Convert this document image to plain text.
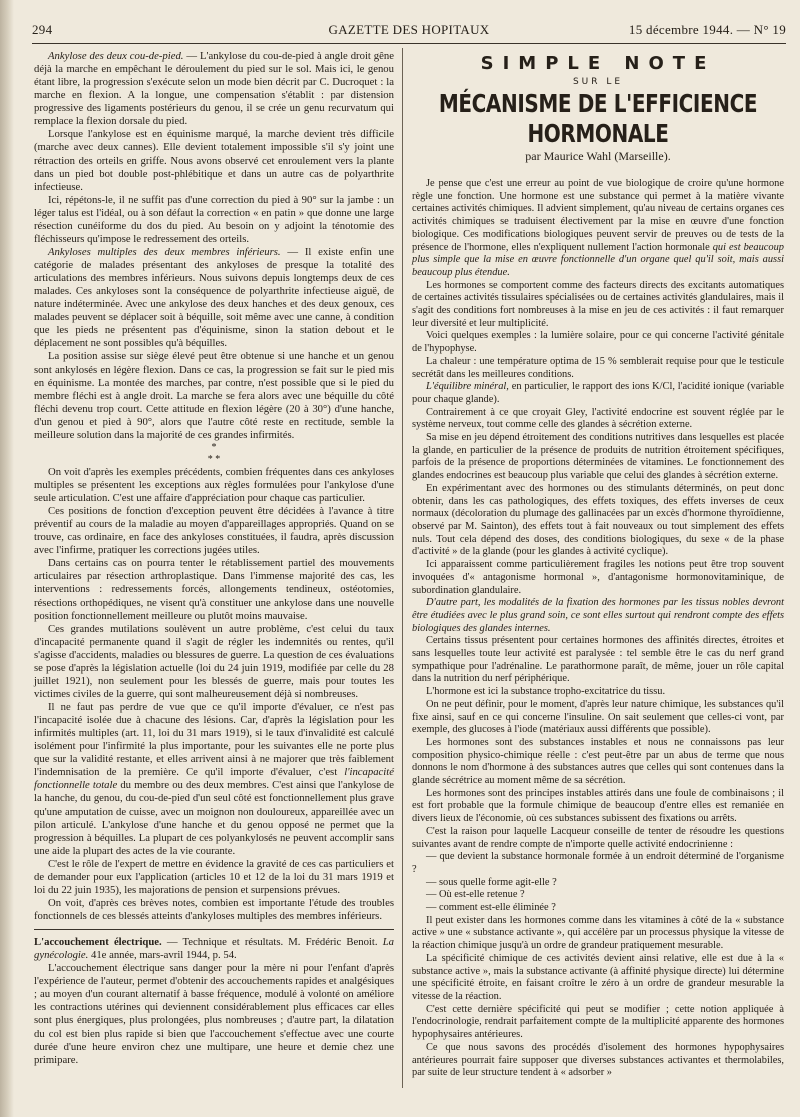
294	GAZETTE DES HOPITAUX	15 décembre 1944. — N° 19

Ankylose des deux cou-de-pied. — L'ankylose du cou-de-pied à angle droit gêne déjà la marche en empêchant le déroulement du pied sur le sol. Mais ici, le genou étant libre, la progression s'exécute selon un mode bien décrit par C. Ducroquet : la marche en flexion. A la longue, une compensation s'établit : par distension progressive des ligaments postérieurs du genou, il se crée un genu recurvatum qui remplace la flexion dorsale du pied.

Lorsque l'ankylose est en équinisme marqué, la marche devient très difficile (marche avec deux cannes). Elle devient totalement impossible s'il s'y joint une rétraction des orteils en griffe. Nous avons observé cet enroulement vers la plante dans un pied bot double post-phlébitique et dans un autre cas de polyarthrite infectieuse.

Ici, répétons-le, il ne suffit pas d'une correction du pied à 90° sur la jambe : un léger talus est l'idéal, ou à son défaut la correction « en patin » que donne une large résection cunéiforme du dos du pied. Au besoin on y adjoint la ténotomie des fléchisseurs qu'impose le redressement des orteils.

Ankyloses multiples des deux membres inférieurs. — Il existe enfin une catégorie de malades présentant des ankyloses de presque la totalité des articulations des membres inférieurs. Nous suivons depuis longtemps deux de ces malades. Ces ankyloses sont la conséquence de polyarthrite infectieuse aiguë, de nature indéterminée. Avec une ankylose des deux hanches et des deux genoux, ces malades peuvent se déplacer soit à béquille, soit même avec une canne, à condition que les pieds ne présentent pas d'équinisme, sinon la station debout et le déplacement ne sont possibles qu'à béquilles.

La position assise sur siège élevé peut être obtenue si une hanche et un genou sont ankylosés en légère flexion. Dans ce cas, la progression se fait sur le pied mis en équinisme. La montée des marches, par contre, n'est possible que si le pied du membre fléchi est à angle droit. La marche se fera alors avec une béquille du côté fléchi devenu trop court. Cette attitude en flexion légère (20 à 30°) d'une hanche, d'un genou et pied à 90°, alors que l'autre côté reste en rectitude, semble la meilleure solution dans la majorité de ces grandes infirmités.

*
* *

On voit d'après les exemples précédents, combien fréquentes dans ces ankyloses multiples se présentent les exceptions aux règles formulées pour l'ankylose d'une seule articulation. C'est une affaire d'appréciation pour chaque cas particulier.

Ces positions de fonction d'exception peuvent être décidées à l'avance à titre préventif au cours de la maladie au moyen d'appareillages appropriés. Quand on se trouve, cas ordinaire, en face des ankyloses constituées, il faudra, après discussion avec l'infirme, pratiquer les corrections jugées utiles.

Dans certains cas on pourra tenter le rétablissement partiel des mouvements articulaires par résection arthroplastique. Dans l'immense majorité des cas, les interventions : redressements forcés, allongements tendineux, ostéotomies, résections orthopédiques, ne visent qu'à constituer une ankylose dans une nouvelle position fonctionnellement meilleure ou plutôt moins mauvaise.

Ces grandes mutilations soulèvent un autre problème, c'est celui du taux d'incapacité permanente quand il s'agit de régler les indemnités ou rentes, qu'il s'agisse d'accidents, maladies ou blessures de guerre. La question de ces évaluations se pose d'après la législation actuelle (loi du 24 juin 1919, modifiée par celle du 28 juillet 1921), non seulement pour les blessés de guerre, mais pour toutes les victimes civiles de la guerre, qui sont malheureusement déjà si nombreuses.

Il ne faut pas perdre de vue que ce qu'il importe d'évaluer, ce n'est pas l'incapacité isolée due à chacune des lésions. Car, d'après la législation pour les infirmités multiples (art. 11, loi du 31 mars 1919), si le taux d'invalidité est calculé isolément pour l'infirmité la plus importante, pour les suivantes elle ne porte plus que sur la validité restante, et elles arrivent ainsi à ne majorer que très faiblement l'indemnisation de la première. Ce qu'il importe d'évaluer, c'est l'incapacité fonctionnelle totale du membre ou des deux membres. C'est ainsi que l'ankylose de la hanche, du genou, du cou-de-pied d'un seul côté est fonctionnellement plus grave qu'une amputation de cuisse, avec un moignon non douloureux, appareillée avec un pilon articulé. L'ankylose d'une hanche et du genou opposé ne permet que la progression à béquilles. La plupart de ces polyankylosés ne peuvent accomplir sans une aide la plupart des actes de la vie courante.

C'est le rôle de l'expert de mettre en évidence la gravité de ces cas particuliers et de demander pour eux l'application (articles 10 et 12 de la loi du 31 mars 1919 et loi du 22 juin 1935), les majorations de pension et surpensions prévues.

On voit, d'après ces brèves notes, combien est importante l'étude des troubles fonctionnels de ces blessés atteints d'ankyloses multiples des membres inférieurs.

L'accouchement électrique. — Technique et résultats. M. Frédéric Benoit. La gynécologie. 41e année, mars-avril 1944, p. 54.

L'accouchement électrique sans danger pour la mère ni pour l'enfant d'après l'expérience de l'auteur, permet d'obtenir des accouchements rapides et analgésiques ; au moyen d'un courant alternatif à basse fréquence, modulé à volonté on améliore les contractions utérines qui deviennent considérablement plus efficaces car elles sont plus énergiques, plus prolongées, plus nombreuses ; d'autre part, la dilatation du col est bien plus rapide si bien que l'accouchement s'effectue avec une courte durée d'une heure environ chez une multipare, une heure et demie chez une primipare.

SIMPLE NOTE
SUR LE
MÉCANISME DE L'EFFICIENCE HORMONALE
par Maurice Wahl (Marseille).

Je pense que c'est une erreur au point de vue biologique de croire qu'une hormone règle une fonction. Une hormone est une substance qui permet à la matière vivante certaines activités chimiques. Il advient simplement, qu'au niveau de certains organes ces activités chimiques se traduisent électivement par la mise en œuvre d'une fonction biologique. Ces modifications biologiques peuvent servir de preuves ou de tests de la présence de l'hormone, elles n'expliquent nullement l'action hormonale qui est beaucoup plus simple que la mise en œuvre fonctionnelle d'un organe quel qu'il soit, mais aussi beaucoup plus étendue.

Les hormones se comportent comme des facteurs directs des excitants automatiques de certaines activités tissulaires spécialisées ou de certaines activités glandulaires, mais il s'agit des conditions fort nombreuses à la mise en jeu de ces activités : il faut remarquer leur diversité et leur multiplicité.

Voici quelques exemples : la lumière solaire, pour ce qui concerne l'activité génitale de l'hypophyse.

La chaleur : une température optima de 15 % semblerait requise pour que le testicule secrétât dans les meilleures conditions.

L'équilibre minéral, en particulier, le rapport des ions K/Cl, l'acidité ionique (variable pour chaque glande).

Contrairement à ce que croyait Gley, l'activité endocrine est souvent réglée par le système nerveux, tout comme celle des glandes à sécrétion externe.

Sa mise en jeu dépend étroitement des conditions nutritives dans lesquelles est placée la glande, en particulier de la présence de produits de nutrition étroitement spécifiques, parfois de la présence de proportions déterminées de vitamines. Le fonctionnement des glandes endocrines est beaucoup plus variable que celui des glandes à sécrétion externe.

En expérimentant avec des hormones ou des stimulants déterminés, on peut donc obtenir, dans les cas pathologiques, des effets toxiques, des effets inverses de ceux normaux (décoloration du plumage des gallinacées par un excès d'hormone thyroïdienne, observé par M. Sainton), des effets tout à fait nouveaux ou tout simplement des effets nuls. Tout cela dépend des doses, des conditions biologiques, du sexe « de la phase d'activité » de la glande (pour les glandes à activité cyclique).

Ici apparaissent comme particulièrement fragiles les notions peut être trop souvent invoquées d'« antagonisme hormonal », d'antagonisme hormonovitaminique, de subordination glandulaire.

D'autre part, les modalités de la fixation des hormones par les tissus nobles devront être étudiées avec le plus grand soin, ce sont elles surtout qui rendront compte des effets biologiques des glandes internes.

Certains tissus présentent pour certaines hormones des affinités directes, étroites et sans lesquelles toute leur activité est paralysée : tel semble être le cas du nerf grand sympathique pour l'adrénaline. Le parathormone paraît, de même, jouer un rôle capital dans la nutrition du nerf périphérique.

L'hormone est ici la substance tropho-excitatrice du tissu.

On ne peut définir, pour le moment, d'après leur nature chimique, les substances qu'il fixe ainsi, sauf en ce qui concerne l'insuline. On sait seulement que celles-ci vont, par exemple, des glucoses à l'iode (matériaux aussi différents que possible).

Les hormones sont des substances instables et nous ne connaissons pas leur composition physico-chimique réelle : c'est peut-être par un abus de terme que nous donnons le nom d'hormone à des substances autres que celles qui sont contenues dans la glande sécrétrice au moment même de sa sécrétion.

Les hormones sont des principes instables attirés dans une foule de combinaisons ; il est fort probable que la formule chimique de beaucoup d'entre elles est remaniée en divers lieux de l'économie, où ces substances subissent des fixations ou arrêts.

C'est la raison pour laquelle Lacqueur conseille de tenter de résoudre les questions suivantes avant de rendre compte de n'importe quelle activité endocrinienne :

— que devient la substance hormonale formée à un endroit déterminé de l'organisme ?

— sous quelle forme agit-elle ?

— Où est-elle retenue ?

— comment est-elle éliminée ?

Il peut exister dans les hormones comme dans les vitamines à côté de la « substance active » une « substance activante », qui accélère par un processus physique la vitesse de la réaction chimique jusqu'à un ordre de grandeur pratiquement mesurable.

La spécificité chimique de ces activités devient ainsi relative, elle est due à la « substance active », mais la substance activante (à affinité physique directe) lui détermine une spécificité étroite, en faisant croître le zéro à un ordre de grandeur mesurable la vitesse de la réaction.

C'est cette dernière spécificité qui peut se modifier ; cette notion appliquée à l'endocrinologie, rendrait parfaitement compte de la multiplicité apparente des hormones hypophysaires antérieures.

Ce que nous savons des procédés d'isolement des hormones hypophysaires antérieures pourrait faire supposer que diverses substances activantes et thermolabiles, par suite de leur structure tendent à « adsorber »
